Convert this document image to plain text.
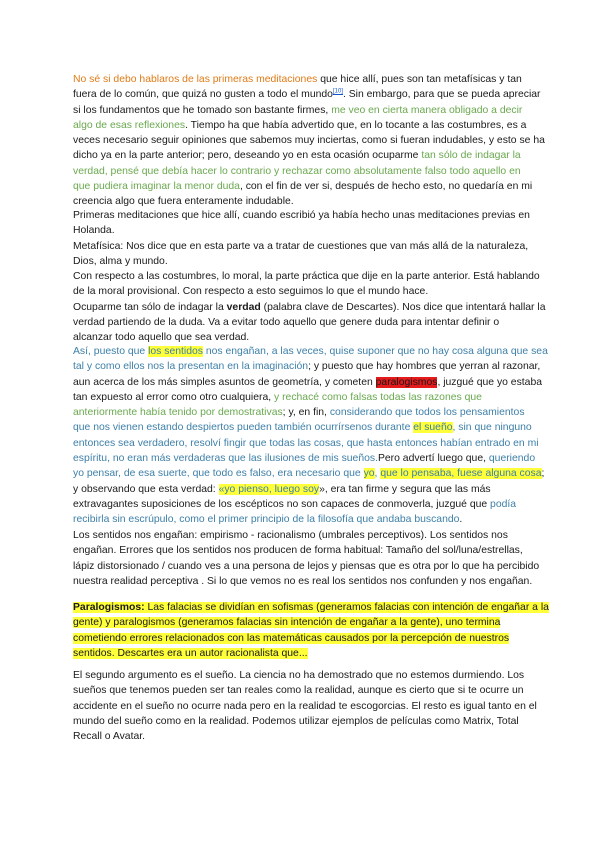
No sé si debo hablaros de las primeras meditaciones que hice allí, pues son tan metafísicas y tan
fuera de lo común, que quizá no gusten a todo el mundo[10]. Sin embargo, para que se pueda apreciar
si los fundamentos que he tomado son bastante firmes, me veo en cierta manera obligado a decir
algo de esas reflexiones. Tiempo ha que había advertido que, en lo tocante a las costumbres, es a
veces necesario seguir opiniones que sabemos muy inciertas, como si fueran indudables, y esto se ha
dicho ya en la parte anterior; pero, deseando yo en esta ocasión ocuparme tan sólo de indagar la
verdad, pensé que debía hacer lo contrario y rechazar como absolutamente falso todo aquello en
que pudiera imaginar la menor duda, con el fin de ver si, después de hecho esto, no quedaría en mi
creencia algo que fuera enteramente indudable.

Primeras meditaciones que hice allí, cuando escribió ya había hecho unas meditaciones previas en
Holanda.
Metafísica: Nos dice que en esta parte va a tratar de cuestiones que van más allá de la naturaleza,
Dios, alma y mundo.
Con respecto a las costumbres, lo moral, la parte práctica que dije en la parte anterior. Está hablando
de la moral provisional. Con respecto a esto seguimos lo que el mundo hace.
Ocuparme tan sólo de indagar la verdad (palabra clave de Descartes). Nos dice que intentará hallar la
verdad partiendo de la duda. Va a evitar todo aquello que genere duda para intentar definir o
alcanzar todo aquello que sea verdad.

Así, puesto que los sentidos nos engañan, a las veces, quise suponer que no hay cosa alguna que sea
tal y como ellos nos la presentan en la imaginación; y puesto que hay hombres que yerran al razonar,
aun acerca de los más simples asuntos de geometría, y cometen paralogismos, juzgué que yo estaba
tan expuesto al error como otro cualquiera, y rechacé como falsas todas las razones que
anteriormente había tenido por demostrativas; y, en fin, considerando que todos los pensamientos
que nos vienen estando despiertos pueden también ocurrírsenos durante el sueño, sin que ninguno
entonces sea verdadero, resolví fingir que todas las cosas, que hasta entonces habían entrado en mi
espíritu, no eran más verdaderas que las ilusiones de mis sueños.Pero advertí luego que, queriendo
yo pensar, de esa suerte, que todo es falso, era necesario que yo, que lo pensaba, fuese alguna cosa;
y observando que esta verdad: «yo pienso, luego soy», era tan firme y segura que las más
extravagantes suposiciones de los escépticos no son capaces de conmoverla, juzgué que podía
recibirla sin escrúpulo, como el primer principio de la filosofía que andaba buscando.

Los sentidos nos engañan: empirismo - racionalismo (umbrales perceptivos). Los sentidos nos
engañan. Errores que los sentidos nos producen de forma habitual: Tamaño del sol/luna/estrellas,
lápiz distorsionado / cuando ves a una persona de lejos y piensas que es otra por lo que ha percibido
nuestra realidad perceptiva . Si lo que vemos no es real los sentidos nos confunden y nos engañan.

Paralogismos: Las falacias se dividían en sofismas (generamos falacias con intención de engañar a la
gente) y paralogismos (generamos falacias sin intención de engañar a la gente), uno termina
cometiendo errores relacionados con las matemáticas causados por la percepción de nuestros
sentidos. Descartes era un autor racionalista que...

El segundo argumento es el sueño. La ciencia no ha demostrado que no estemos durmiendo. Los
sueños que tenemos pueden ser tan reales como la realidad, aunque es cierto que si te ocurre un
accidente en el sueño no ocurre nada pero en la realidad te escogorcias. El resto es igual tanto en el
mundo del sueño como en la realidad. Podemos utilizar ejemplos de películas como Matrix, Total
Recall o Avatar.
